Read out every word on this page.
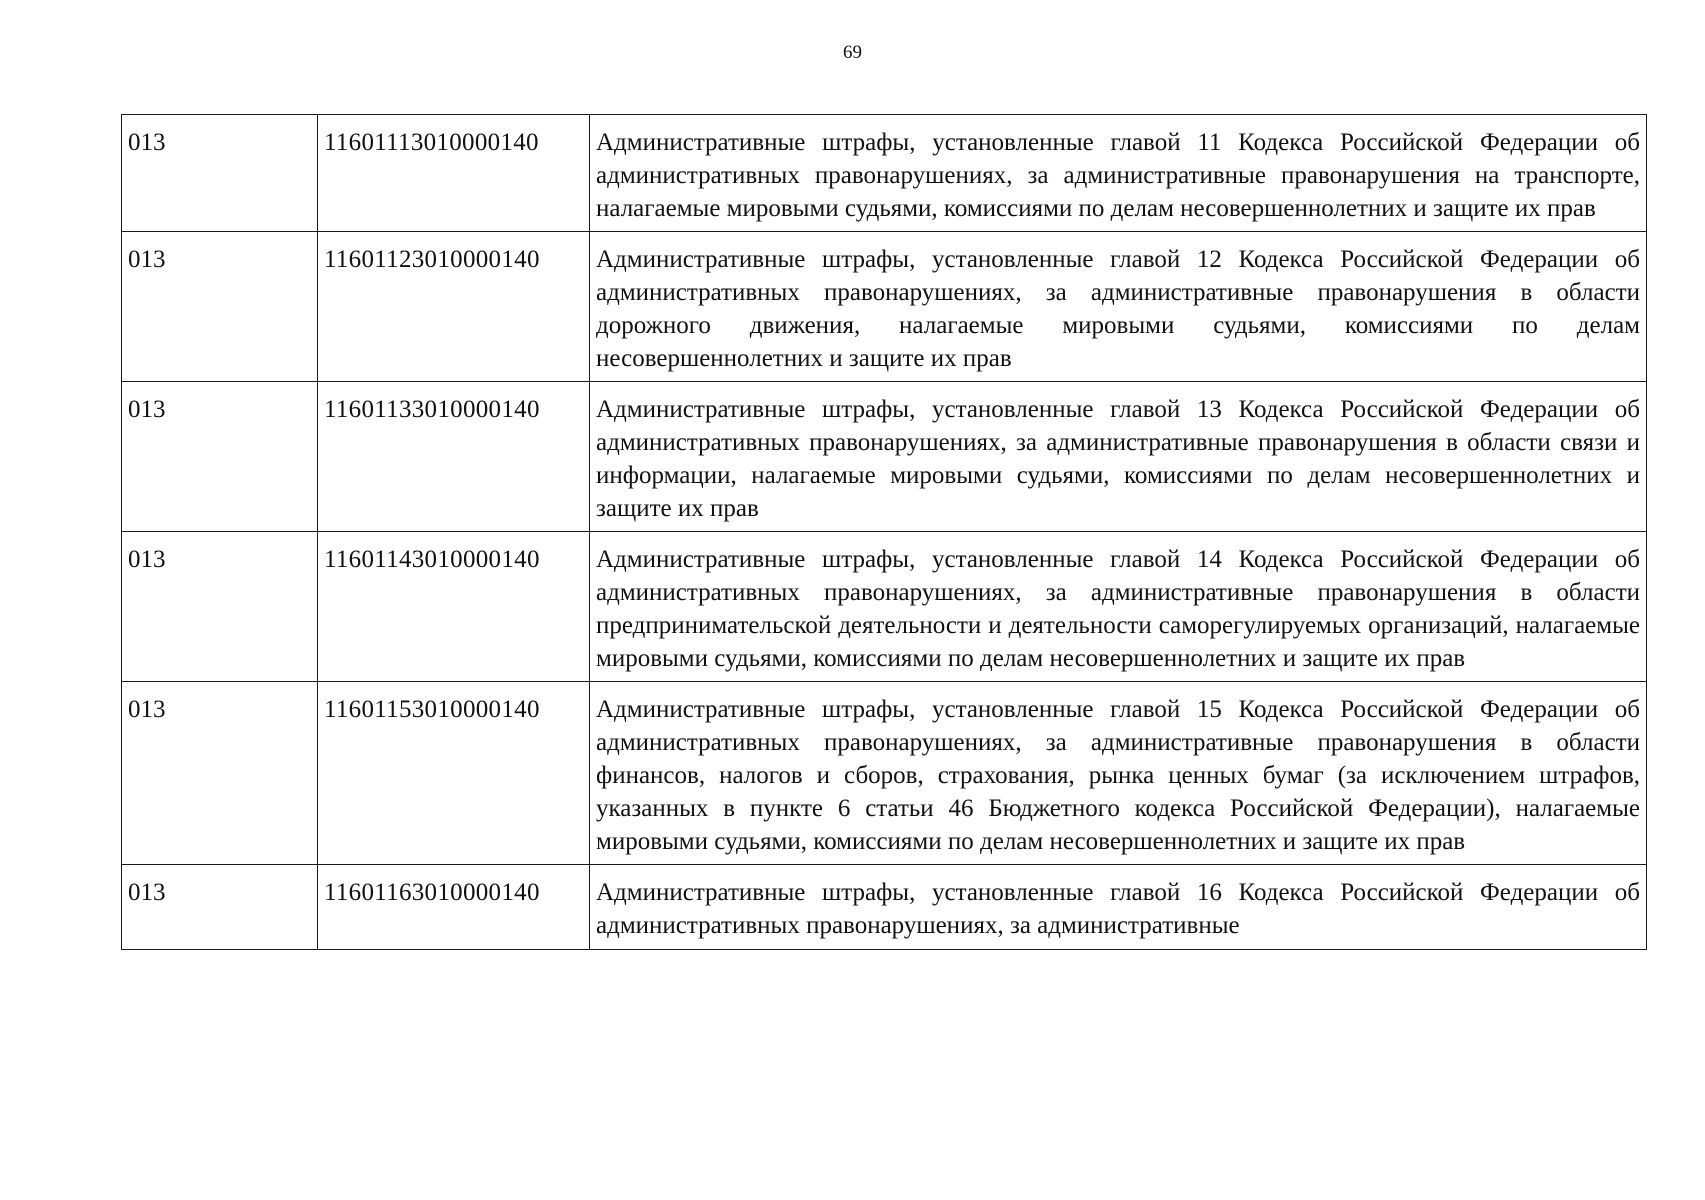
69
013	11601113010000140	Административные штрафы, установленные главой 11 Кодекса Российской Федерации об административных правонарушениях, за административные правонарушения на транспорте, налагаемые мировыми судьями, комиссиями по делам несовершеннолетних и защите их прав
013	11601123010000140	Административные штрафы, установленные главой 12 Кодекса Российской Федерации об административных правонарушениях, за административные правонарушения в области дорожного движения, налагаемые мировыми судьями, комиссиями по делам несовершеннолетних и защите их прав
013	11601133010000140	Административные штрафы, установленные главой 13 Кодекса Российской Федерации об административных правонарушениях, за административные правонарушения в области связи и информации, налагаемые мировыми судьями, комиссиями по делам несовершеннолетних и защите их прав
013	11601143010000140	Административные штрафы, установленные главой 14 Кодекса Российской Федерации об административных правонарушениях, за административные правонарушения в области предпринимательской деятельности и деятельности саморегулируемых организаций, налагаемые мировыми судьями, комиссиями по делам несовершеннолетних и защите их прав
013	11601153010000140	Административные штрафы, установленные главой 15 Кодекса Российской Федерации об административных правонарушениях, за административные правонарушения в области финансов, налогов и сборов, страхования, рынка ценных бумаг (за исключением штрафов, указанных в пункте 6 статьи 46 Бюджетного кодекса Российской Федерации), налагаемые мировыми судьями, комиссиями по делам несовершеннолетних и защите их прав
013	11601163010000140	Административные штрафы, установленные главой 16 Кодекса Российской Федерации об административных правонарушениях, за административные
